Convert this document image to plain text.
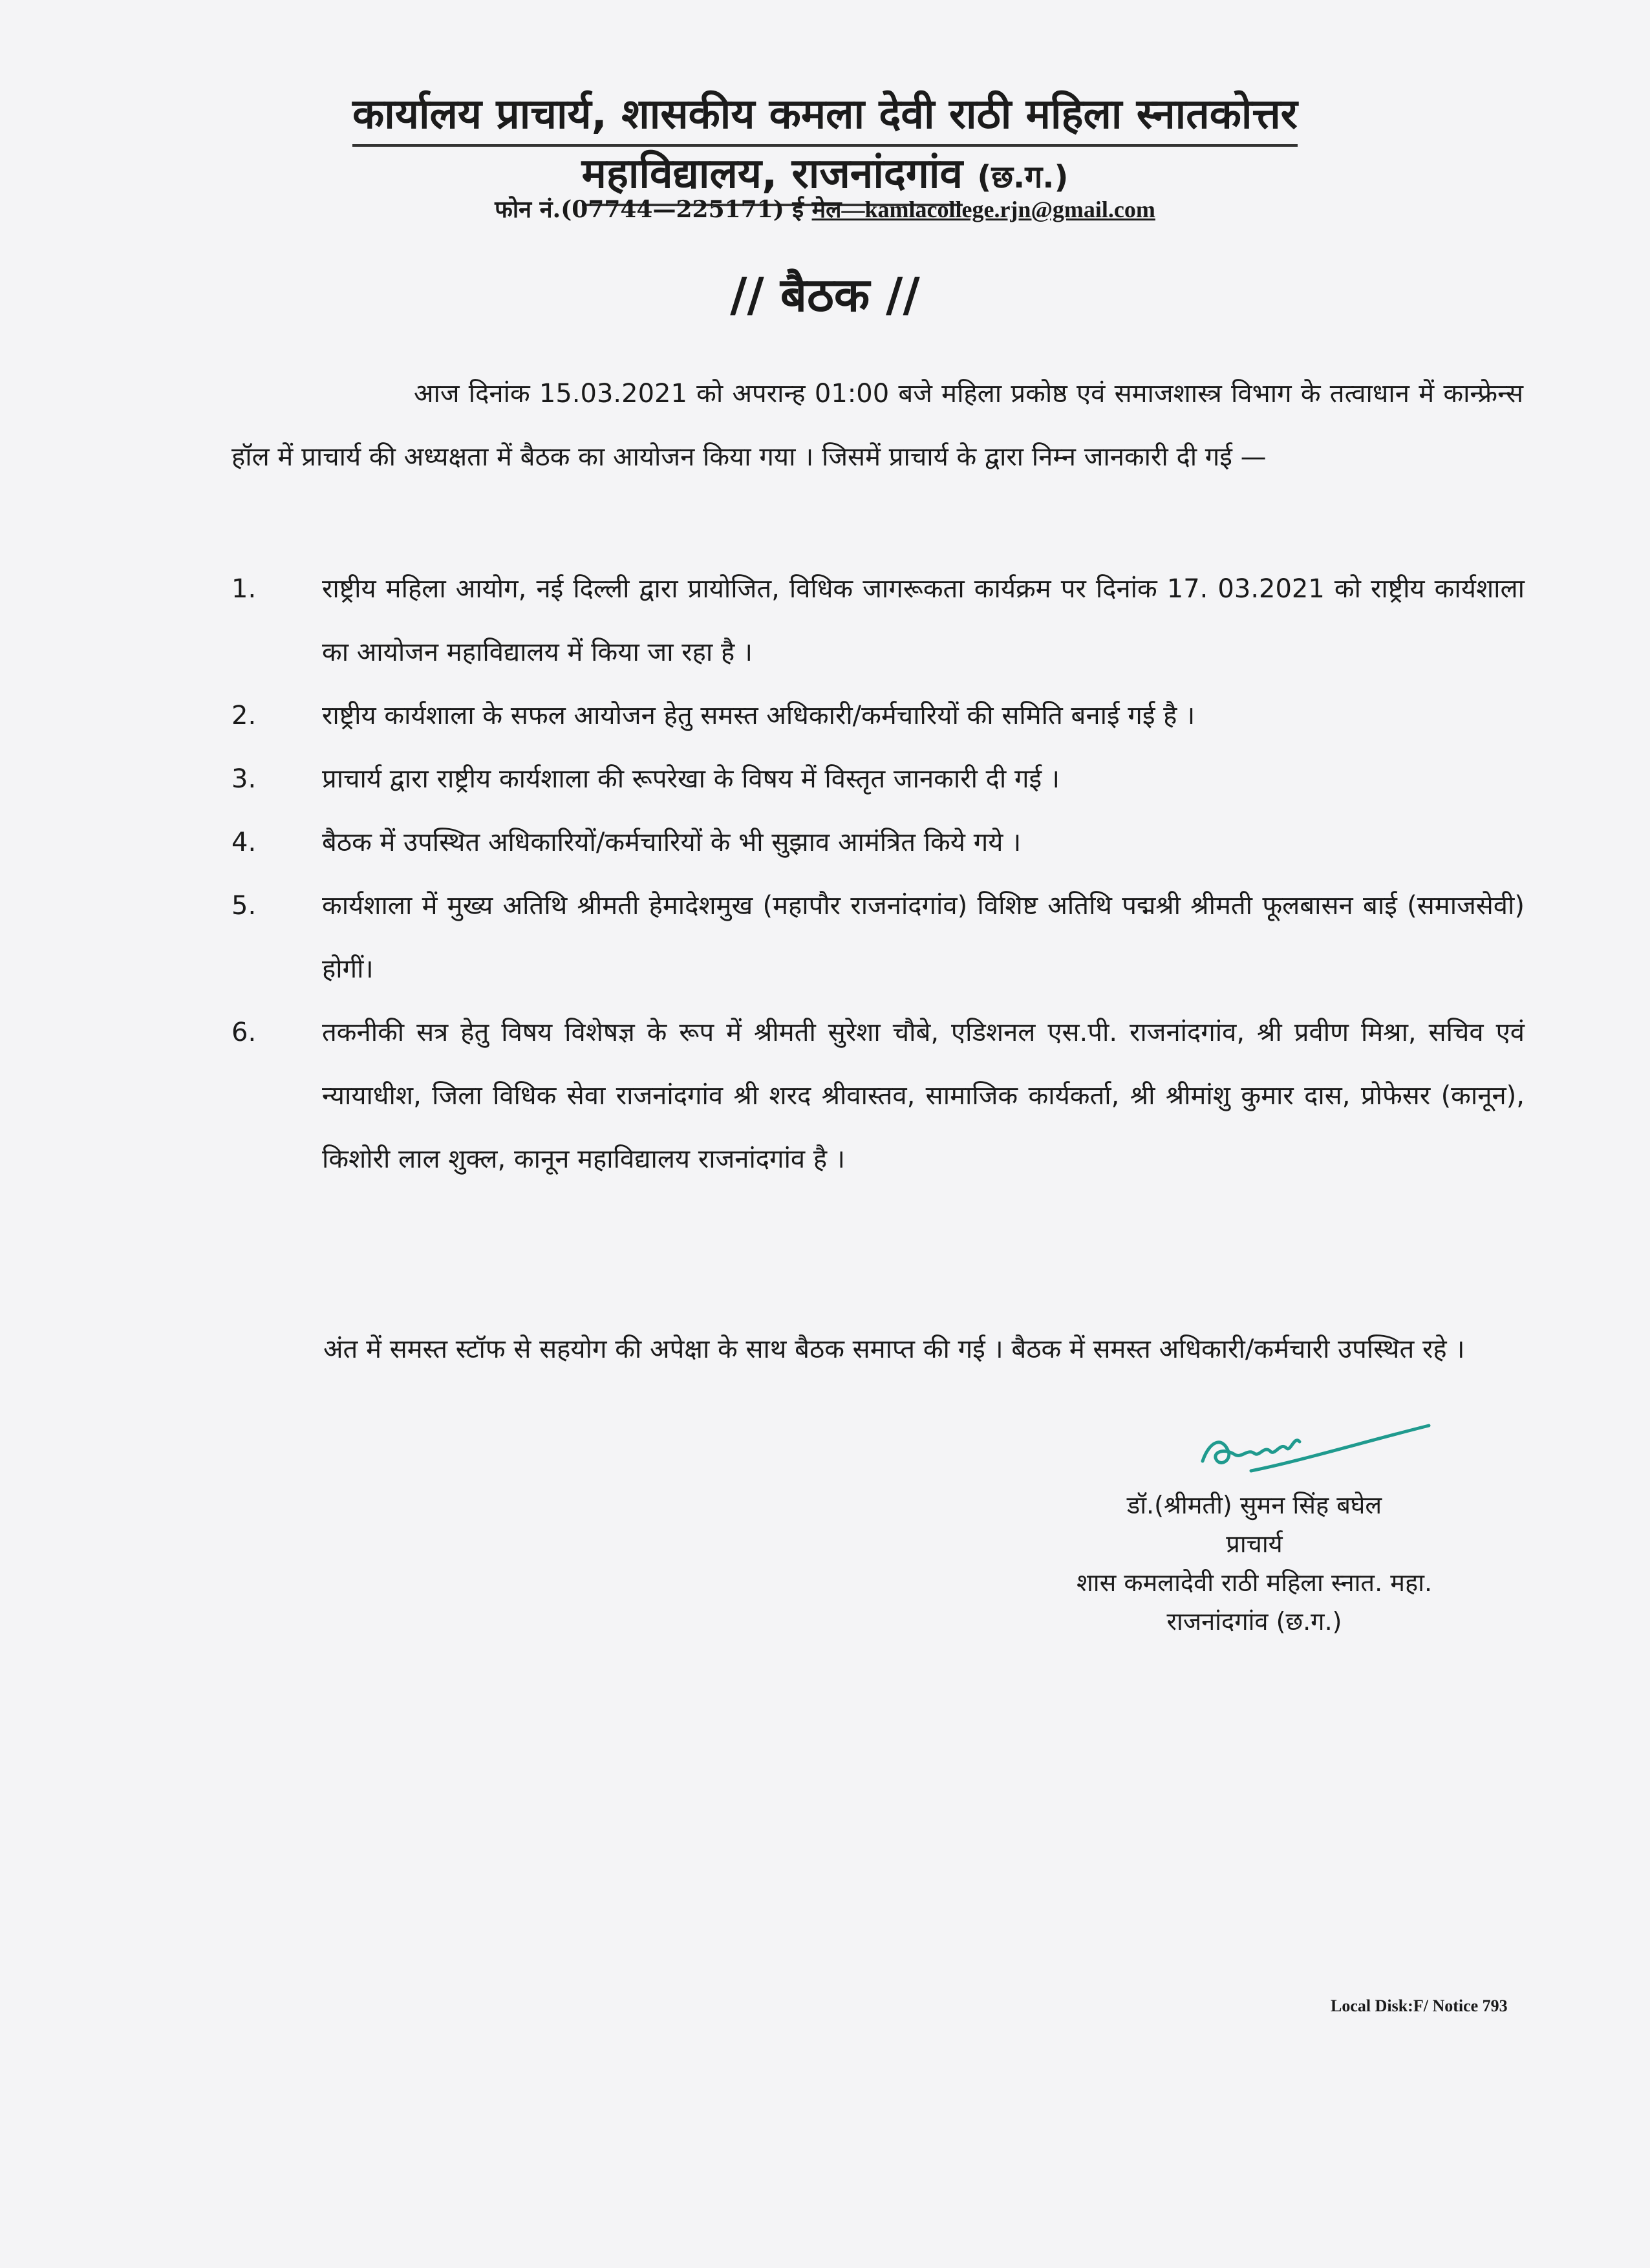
कार्यालय प्राचार्य, शासकीय कमला देवी राठी महिला स्नातकोत्तर
महाविद्यालय, राजनांदगांव (छ.ग.)
फोन नं.(07744—225171) ई मेल—kamlacollege.rjn@gmail.com
// बैठक //
आज दिनांक 15.03.2021 को अपरान्ह 01:00 बजे महिला प्रकोष्ठ एवं समाजशास्त्र विभाग के तत्वाधान में कान्फ्रेन्स हॉल में प्राचार्य की अध्यक्षता में बैठक का आयोजन किया गया । जिसमें प्राचार्य के द्वारा निम्न जानकारी दी गई —
1.	राष्ट्रीय महिला आयोग, नई दिल्ली द्वारा प्रायोजित, विधिक जागरूकता कार्यक्रम पर दिनांक 17. 03.2021 को राष्ट्रीय कार्यशाला का आयोजन महाविद्यालय में किया जा रहा है ।
2.	राष्ट्रीय कार्यशाला के सफल आयोजन हेतु समस्त अधिकारी/कर्मचारियों की समिति बनाई गई है ।
3.	प्राचार्य द्वारा राष्ट्रीय कार्यशाला की रूपरेखा के विषय में विस्तृत जानकारी दी गई ।
4.	बैठक में उपस्थित अधिकारियों/कर्मचारियों के भी सुझाव आमंत्रित किये गये ।
5.	कार्यशाला में मुख्य अतिथि श्रीमती हेमादेशमुख (महापौर राजनांदगांव) विशिष्ट अतिथि पद्मश्री श्रीमती फूलबासन बाई (समाजसेवी) होगीं।
6.	तकनीकी सत्र हेतु विषय विशेषज्ञ के रूप में श्रीमती सुरेशा चौबे, एडिशनल एस.पी. राजनांदगांव, श्री प्रवीण मिश्रा, सचिव एवं न्यायाधीश, जिला विधिक सेवा राजनांदगांव श्री शरद श्रीवास्तव, सामाजिक कार्यकर्ता, श्री श्रीमांशु कुमार दास, प्रोफेसर (कानून), किशोरी लाल शुक्ल, कानून महाविद्यालय राजनांदगांव है ।
अंत में समस्त स्टॉफ से सहयोग की अपेक्षा के साथ बैठक समाप्त की गई । बैठक में समस्त अधिकारी/कर्मचारी उपस्थित रहे ।
डॉ.(श्रीमती) सुमन सिंह बघेल
प्राचार्य
शास कमलादेवी राठी महिला स्नात. महा.
राजनांदगांव (छ.ग.)
Local Disk:F/ Notice 793
